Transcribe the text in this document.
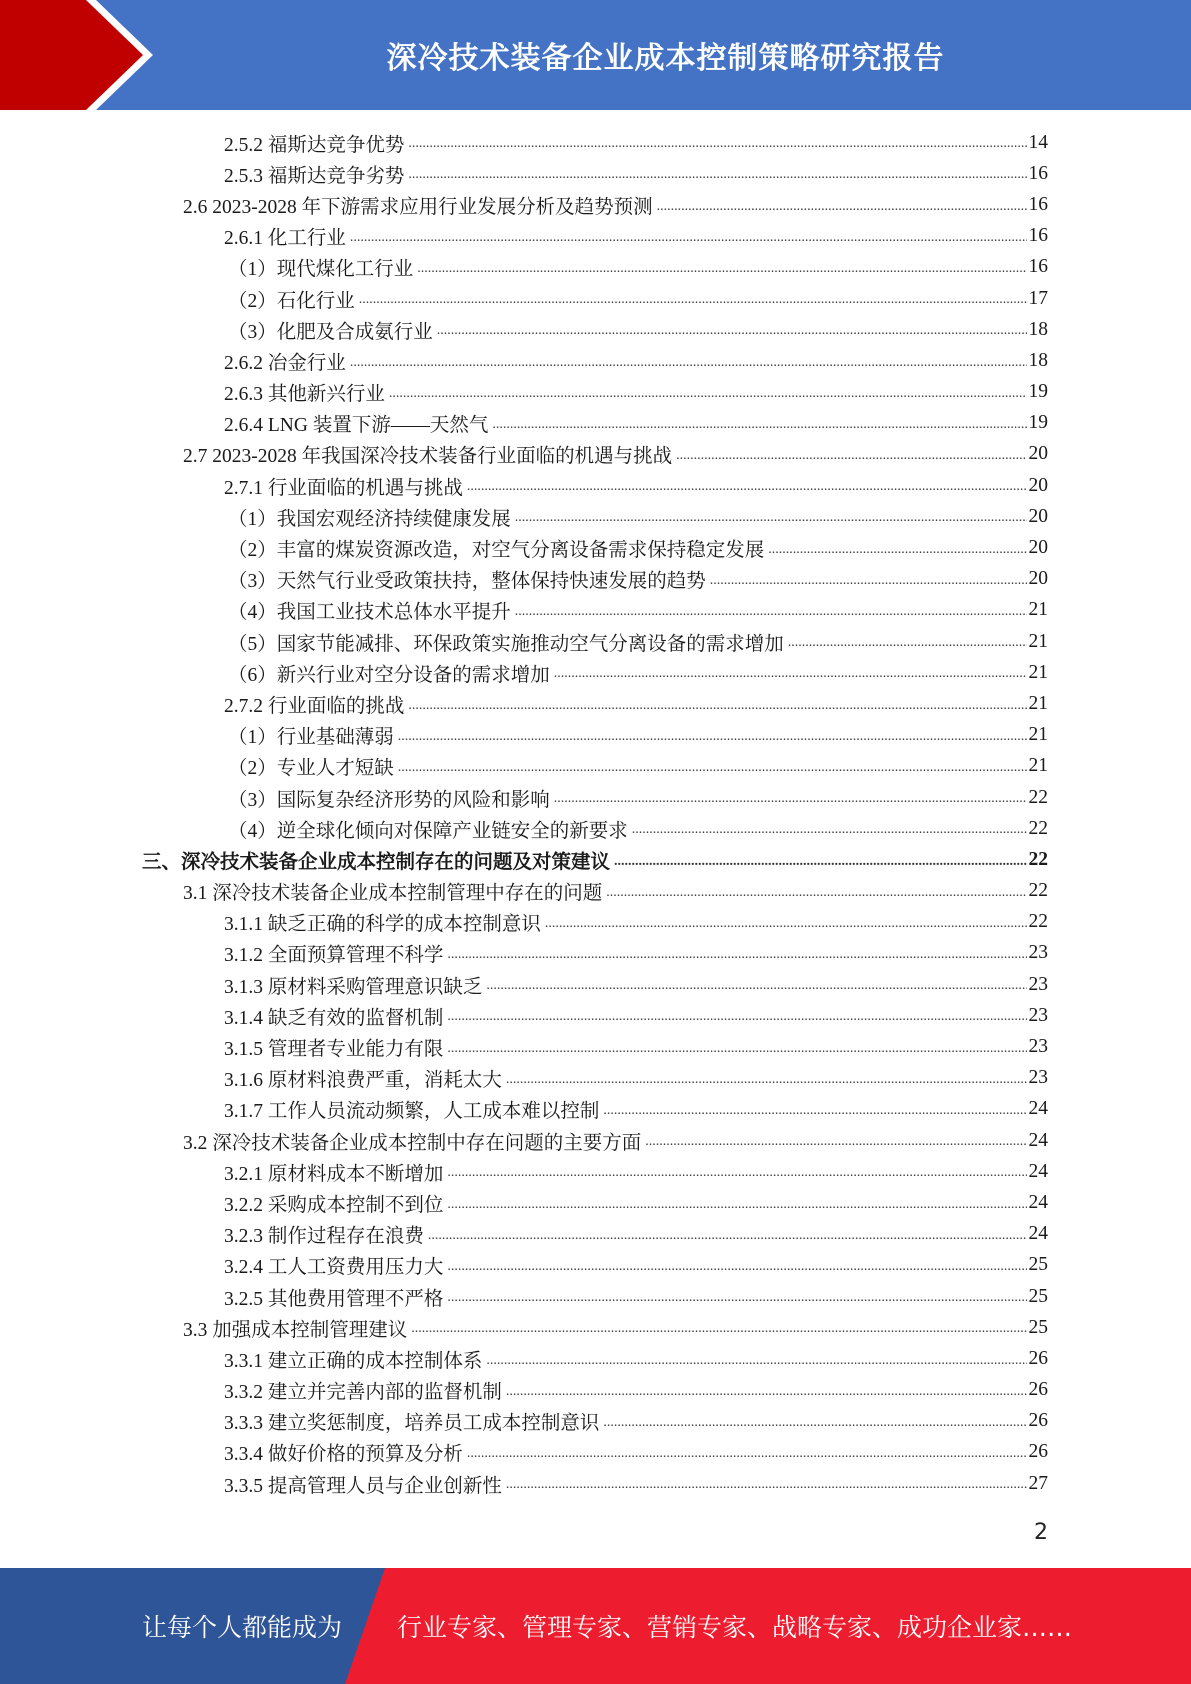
深冷技术装备企业成本控制策略研究报告
2.5.2 福斯达竞争优势 .....	14
2.5.3 福斯达竞争劣势 .....	16
2.6 2023-2028 年下游需求应用行业发展分析及趋势预测 .....	16
2.6.1 化工行业 .....	16
（1）现代煤化工行业 .....	16
（2）石化行业 .....	17
（3）化肥及合成氨行业 .....	18
2.6.2 冶金行业 .....	18
2.6.3 其他新兴行业 .....	19
2.6.4 LNG 装置下游——天然气 .....	19
2.7 2023-2028 年我国深冷技术装备行业面临的机遇与挑战 .....	20
2.7.1 行业面临的机遇与挑战 .....	20
（1）我国宏观经济持续健康发展 .....	20
（2）丰富的煤炭资源改造，对空气分离设备需求保持稳定发展 .....	20
（3）天然气行业受政策扶持，整体保持快速发展的趋势 .....	20
（4）我国工业技术总体水平提升 .....	21
（5）国家节能减排、环保政策实施推动空气分离设备的需求增加 .....	21
（6）新兴行业对空分设备的需求增加 .....	21
2.7.2 行业面临的挑战 .....	21
（1）行业基础薄弱 .....	21
（2）专业人才短缺 .....	21
（3）国际复杂经济形势的风险和影响 .....	22
（4）逆全球化倾向对保障产业链安全的新要求 .....	22
三、深冷技术装备企业成本控制存在的问题及对策建议 .....	22
3.1 深冷技术装备企业成本控制管理中存在的问题 .....	22
3.1.1 缺乏正确的科学的成本控制意识 .....	22
3.1.2 全面预算管理不科学 .....	23
3.1.3 原材料采购管理意识缺乏 .....	23
3.1.4 缺乏有效的监督机制 .....	23
3.1.5 管理者专业能力有限 .....	23
3.1.6 原材料浪费严重，消耗太大 .....	23
3.1.7 工作人员流动频繁，人工成本难以控制 .....	24
3.2 深冷技术装备企业成本控制中存在问题的主要方面 .....	24
3.2.1 原材料成本不断增加 .....	24
3.2.2 采购成本控制不到位 .....	24
3.2.3 制作过程存在浪费 .....	24
3.2.4 工人工资费用压力大 .....	25
3.2.5 其他费用管理不严格 .....	25
3.3 加强成本控制管理建议 .....	25
3.3.1 建立正确的成本控制体系 .....	26
3.3.2 建立并完善内部的监督机制 .....	26
3.3.3 建立奖惩制度，培养员工成本控制意识 .....	26
3.3.4 做好价格的预算及分析 .....	26
3.3.5 提高管理人员与企业创新性 .....	27
2
让每个人都能成为 行业专家、管理专家、营销专家、战略专家、成功企业家……
